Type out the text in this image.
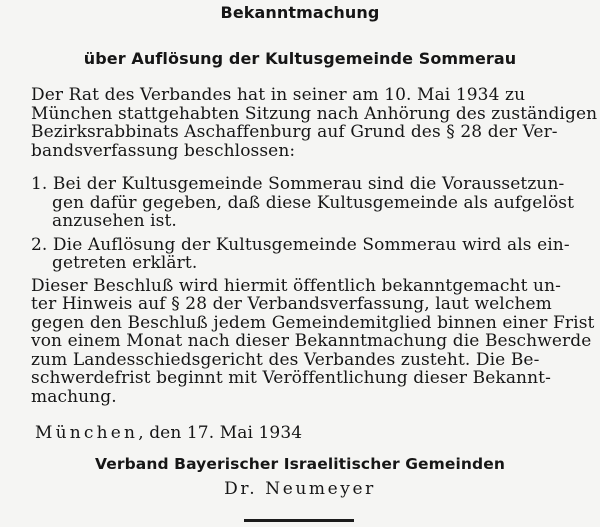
Bekanntmachung
über Auflösung der Kultusgemeinde Sommerau
Der Rat des Verbandes hat in seiner am 10. Mai 1934 zu
München stattgehabten Sitzung nach Anhörung des zuständigen
Bezirksrabbinats Aschaffenburg auf Grund des § 28 der Ver-
bandsverfassung beschlossen:
1. Bei der Kultusgemeinde Sommerau sind die Voraussetzun-
gen dafür gegeben, daß diese Kultusgemeinde als aufgelöst
anzusehen ist.
2. Die Auflösung der Kultusgemeinde Sommerau wird als ein-
getreten erklärt.
Dieser Beschluß wird hiermit öffentlich bekanntgemacht un-
ter Hinweis auf § 28 der Verbandsverfassung, laut welchem
gegen den Beschluß jedem Gemeindemitglied binnen einer Frist
von einem Monat nach dieser Bekanntmachung die Beschwerde
zum Landesschiedsgericht des Verbandes zusteht. Die Be-
schwerdefrist beginnt mit Veröffentlichung dieser Bekannt-
machung.
München, den 17. Mai 1934
Verband Bayerischer Israelitischer Gemeinden
Dr. Neumeyer
